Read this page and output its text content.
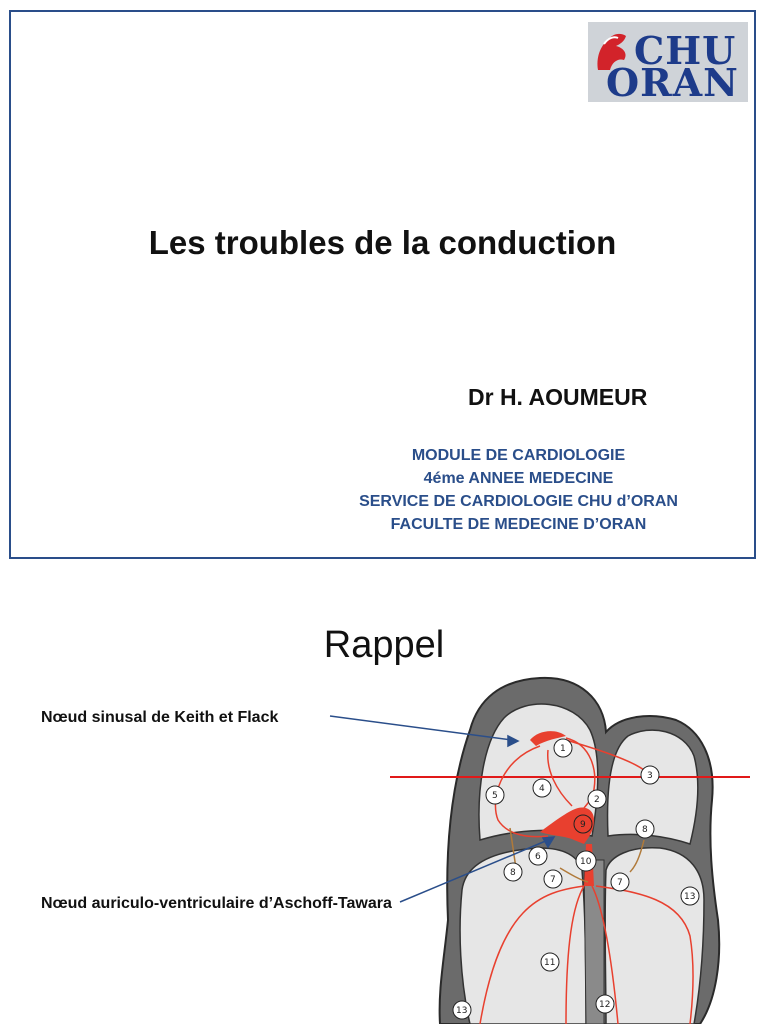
CHU
ORAN
Les troubles de la conduction
Dr H. AOUMEUR
MODULE DE CARDIOLOGIE
4éme ANNEE MEDECINE
SERVICE DE CARDIOLOGIE CHU d’ORAN
FACULTE DE MEDECINE D’ORAN
Rappel
1
2
3
4
5
6
7	7
8
8
9
10
11
12
13
13
Nœud sinusal de Keith et Flack
Nœud auriculo-ventriculaire d’Aschoff-Tawara
